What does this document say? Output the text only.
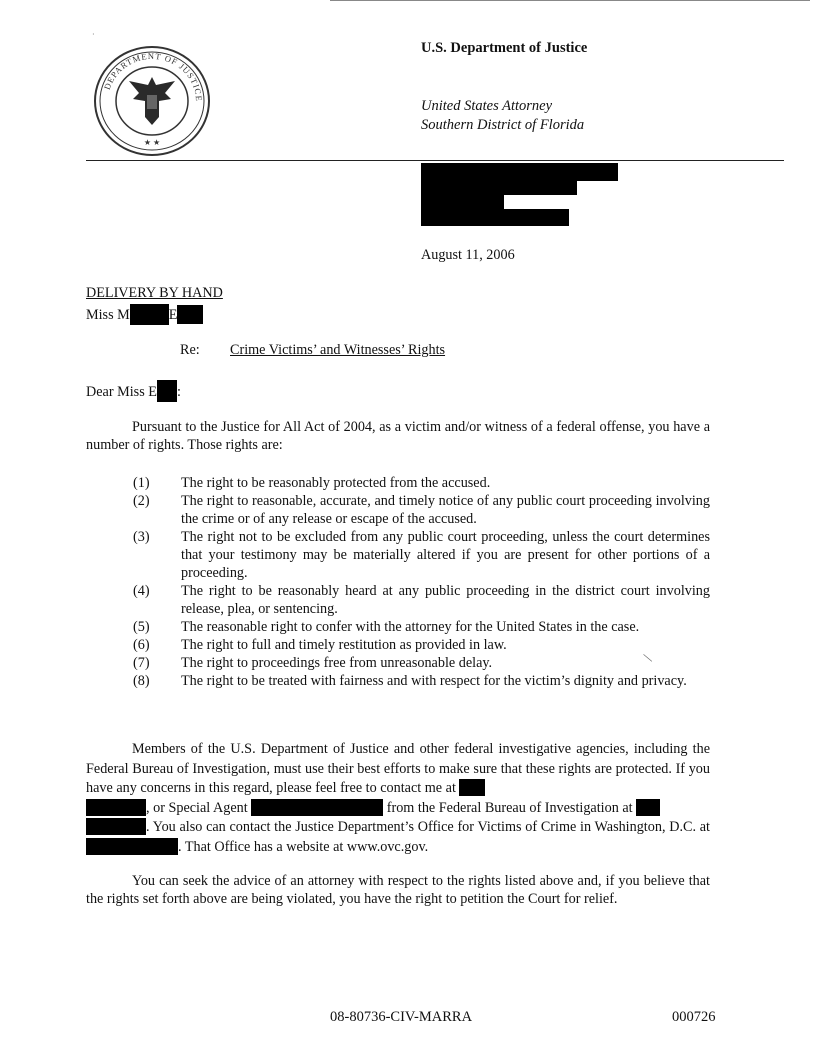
DEPARTMENT OF JUSTICE
★ ★
U.S. Department of Justice
United States Attorney
Southern District of Florida
August 11, 2006
DELIVERY BY HAND
Miss M	E
Re: Crime Victims’ and Witnesses’ Rights
Dear Miss E :

Pursuant to the Justice for All Act of 2004, as a victim and/or witness of a federal offense, you have a number of rights. Those rights are:

(1)	The right to be reasonably protected from the accused.
(2)	The right to reasonable, accurate, and timely notice of any public court proceeding involving the crime or of any release or escape of the accused.
(3)	The right not to be excluded from any public court proceeding, unless the court determines that your testimony may be materially altered if you are present for other portions of a proceeding.
(4)	The right to be reasonably heard at any public proceeding in the district court involving release, plea, or sentencing.
(5)	The reasonable right to confer with the attorney for the United States in the case.
(6)	The right to full and timely restitution as provided in law.
(7)	The right to proceedings free from unreasonable delay.
(8)	The right to be treated with fairness and with respect for the victim’s dignity and privacy.

Members of the U.S. Department of Justice and other federal investigative agencies, including the Federal Bureau of Investigation, must use their best efforts to make sure that these rights are protected. If you have any concerns in this regard, please feel free to contact me at
, or Special Agent	from the Federal Bureau of Investigation at
. You also can contact the Justice Department’s Office for Victims of Crime in Washington, D.C. at . That Office has a website at www.ovc.gov.

You can seek the advice of an attorney with respect to the rights listed above and, if you believe that the rights set forth above are being violated, you have the right to petition the Court for relief.

08-80736-CIV-MARRA	000726
|
·
